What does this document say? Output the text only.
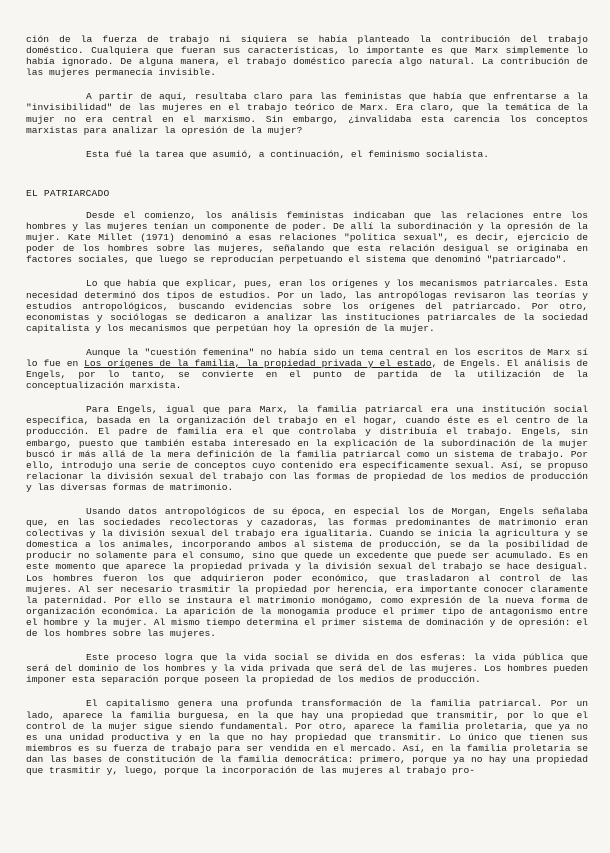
ción de la fuerza de trabajo ni siquiera se había planteado la contribución del trabajo doméstico. Cualquiera que fueran sus características, lo importante es que Marx simplemente lo había ignorado. De alguna manera, el trabajo doméstico parecía algo natural. La contribución de las mujeres permanecía invisible.

A partir de aquí, resultaba claro para las feministas que había que enfrentarse a la "invisibilidad" de las mujeres en el trabajo teórico de Marx. Era claro, que la temática de la mujer no era central en el marxismo. Sin embargo, ¿invalidaba esta carencia los conceptos marxistas para analizar la opresión de la mujer?

Esta fué la tarea que asumió, a continuación, el feminismo socialista.

EL PATRIARCADO

Desde el comienzo, los análisis feministas indicaban que las relaciones entre los hombres y las mujeres tenían un componente de poder. De allí la subordinación y la opresión de la mujer. Kate Millet (1971) denominó a esas relaciones "política sexual", es decir, ejercicio de poder de los hombres sobre las mujeres, señalando que esta relación desigual se originaba en factores sociales, que luego se reproducían perpetuando el sistema que denominó "patriarcado".

Lo que había que explicar, pues, eran los orígenes y los mecanismos patriarcales. Esta necesidad determinó dos tipos de estudios. Por un lado, las antropólogas revisaron las teorías y estudios antropológicos, buscando evidencias sobre los orígenes del patriarcado. Por otro, economistas y sociólogas se dedicaron a analizar las instituciones patriarcales de la sociedad capitalista y los mecanismos que perpetúan hoy la opresión de la mujer.

Aunque la "cuestión femenina" no había sido un tema central en los escritos de Marx sí lo fue en Los orígenes de la familia, la propiedad privada y el estado, de Engels. El análisis de Engels, por lo tanto, se convierte en el punto de partida de la utilización de la conceptualización marxista.

Para Engels, igual que para Marx, la familia patriarcal era una institución social específica, basada en la organización del trabajo en el hogar, cuando éste es el centro de la producción. El padre de familia era el que controlaba y distribuía el trabajo. Engels, sin embargo, puesto que también estaba interesado en la explicación de la subordinación de la mujer buscó ir más allá de la mera definición de la familia patriarcal como un sistema de trabajo. Por ello, introdujo una serie de conceptos cuyo contenido era específicamente sexual. Así, se propuso relacionar la división sexual del trabajo con las formas de propiedad de los medios de producción y las diversas formas de matrimonio.

Usando datos antropológicos de su época, en especial los de Morgan, Engels señalaba que, en las sociedades recolectoras y cazadoras, las formas predominantes de matrimonio eran colectivas y la división sexual del trabajo era igualitaria. Cuando se inicia la agricultura y se domestica a los animales, incorporando ambos al sistema de producción, se da la posibilidad de producir no solamente para el consumo, sino que quede un excedente que puede ser acumulado. Es en este momento que aparece la propiedad privada y la división sexual del trabajo se hace desigual. Los hombres fueron los que adquirieron poder económico, que trasladaron al control de las mujeres. Al ser necesario trasmitir la propiedad por herencia, era importante conocer claramente la paternidad. Por ello se instaura el matrimonio monógamo, como expresión de la nueva forma de organización económica. La aparición de la monogamia produce el primer tipo de antagonismo entre el hombre y la mujer. Al mismo tiempo determina el primer sistema de dominación y de opresión: el de los hombres sobre las mujeres.

Este proceso logra que la vida social se divida en dos esferas: la vida pública que será del dominio de los hombres y la vida privada que será del de las mujeres. Los hombres pueden imponer esta separación porque poseen la propiedad de los medios de producción.

El capitalismo genera una profunda transformación de la familia patriarcal. Por un lado, aparece la familia burguesa, en la que hay una propiedad que transmitir, por lo que el control de la mujer sigue siendo fundamental. Por otro, aparece la familia proletaria, que ya no es una unidad productiva y en la que no hay propiedad que transmitir. Lo único que tienen sus miembros es su fuerza de trabajo para ser vendida en el mercado. Así, en la familia proletaria se dan las bases de constitución de la familia democrática: primero, porque ya no hay una propiedad que trasmitir y, luego, porque la incorporación de las mujeres al trabajo pro-
